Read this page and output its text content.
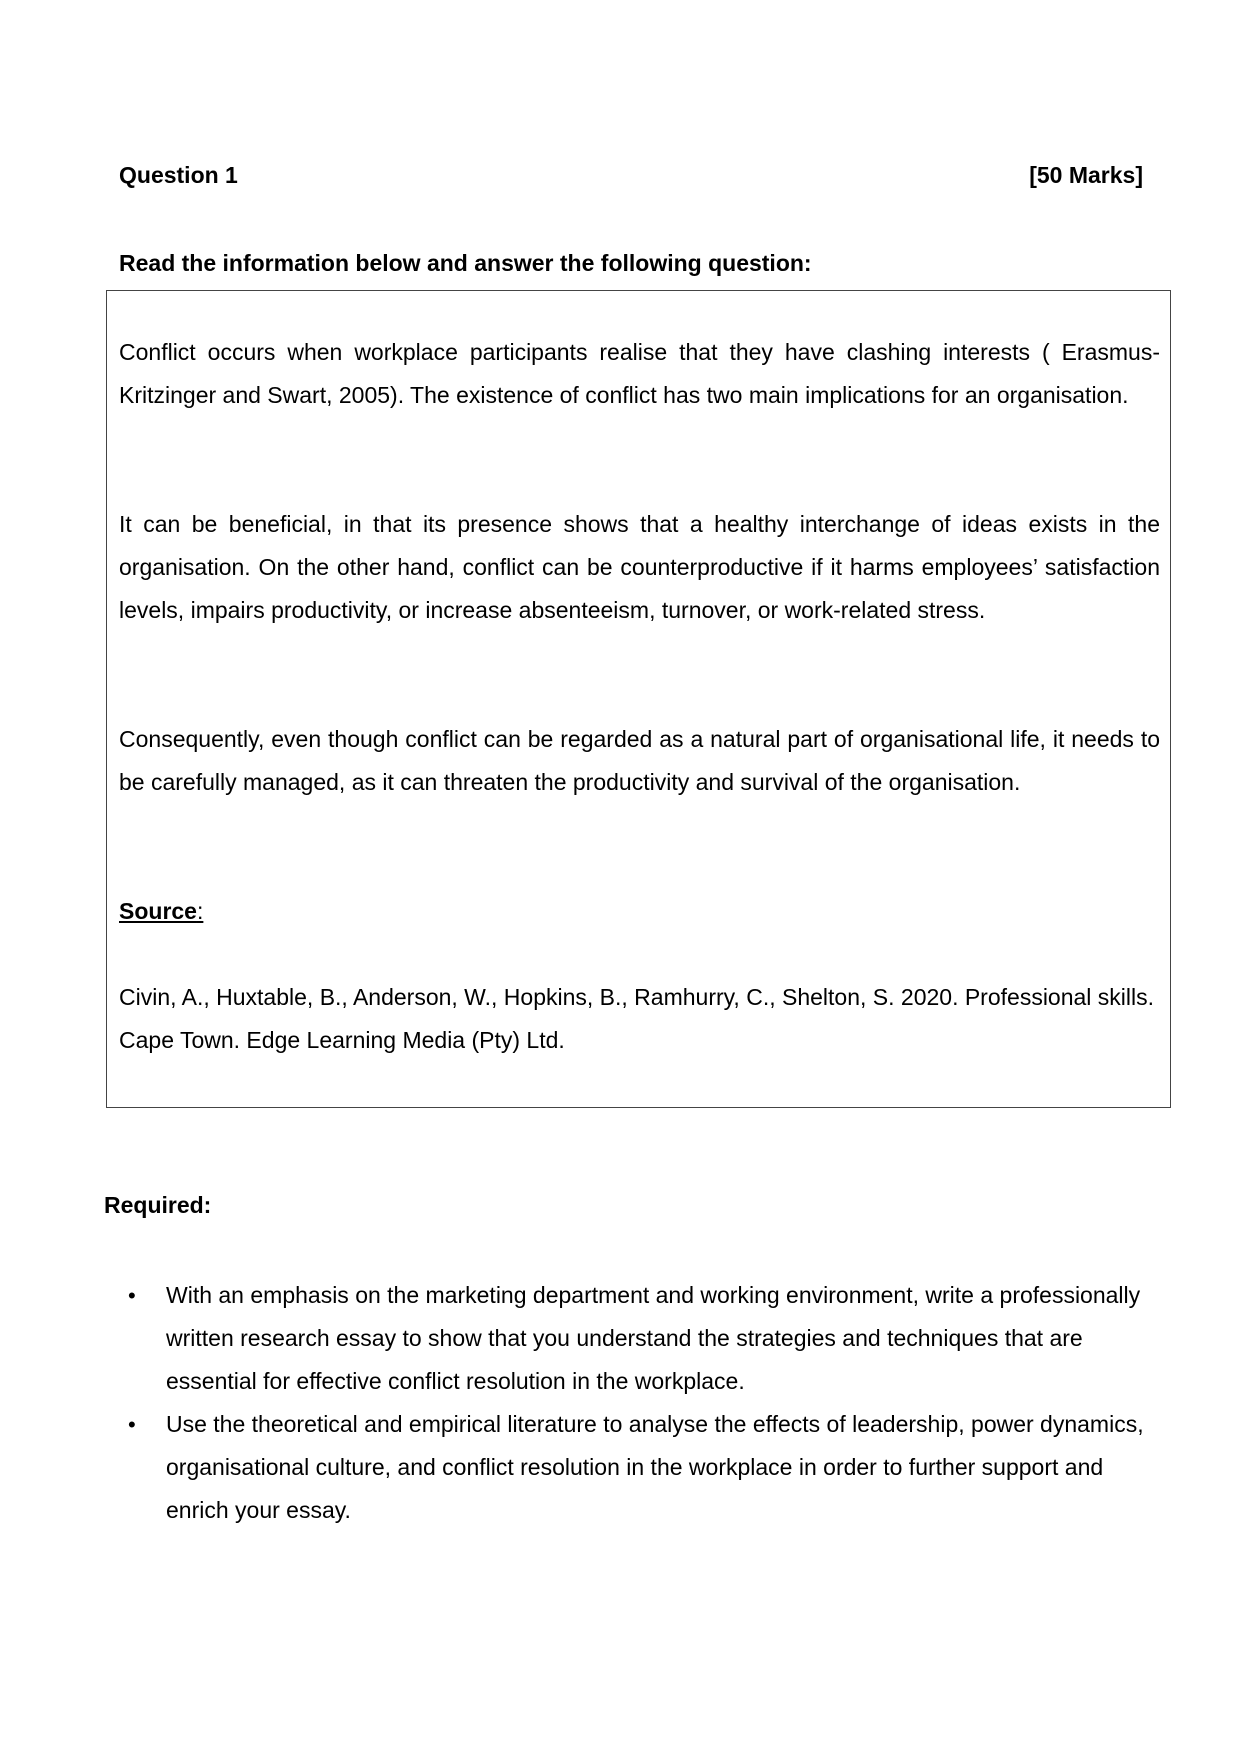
Question 1	[50 Marks]
Read the information below and answer the following question:
Conflict occurs when workplace participants realise that they have clashing interests ( Erasmus-Kritzinger and Swart, 2005). The existence of conflict has two main implications for an organisation.
It can be beneficial, in that its presence shows that a healthy interchange of ideas exists in the organisation. On the other hand, conflict can be counterproductive if it harms employees’ satisfaction levels, impairs productivity, or increase absenteeism, turnover, or work-related stress.
Consequently, even though conflict can be regarded as a natural part of organisational life, it needs to be carefully managed, as it can threaten the productivity and survival of the organisation.
Source:
Civin, A., Huxtable, B., Anderson, W., Hopkins, B., Ramhurry, C., Shelton, S. 2020. Professional skills. Cape Town. Edge Learning Media (Pty) Ltd.
Required:
• With an emphasis on the marketing department and working environment, write a professionally written research essay to show that you understand the strategies and techniques that are essential for effective conflict resolution in the workplace.
• Use the theoretical and empirical literature to analyse the effects of leadership, power dynamics, organisational culture, and conflict resolution in the workplace in order to further support and enrich your essay.
